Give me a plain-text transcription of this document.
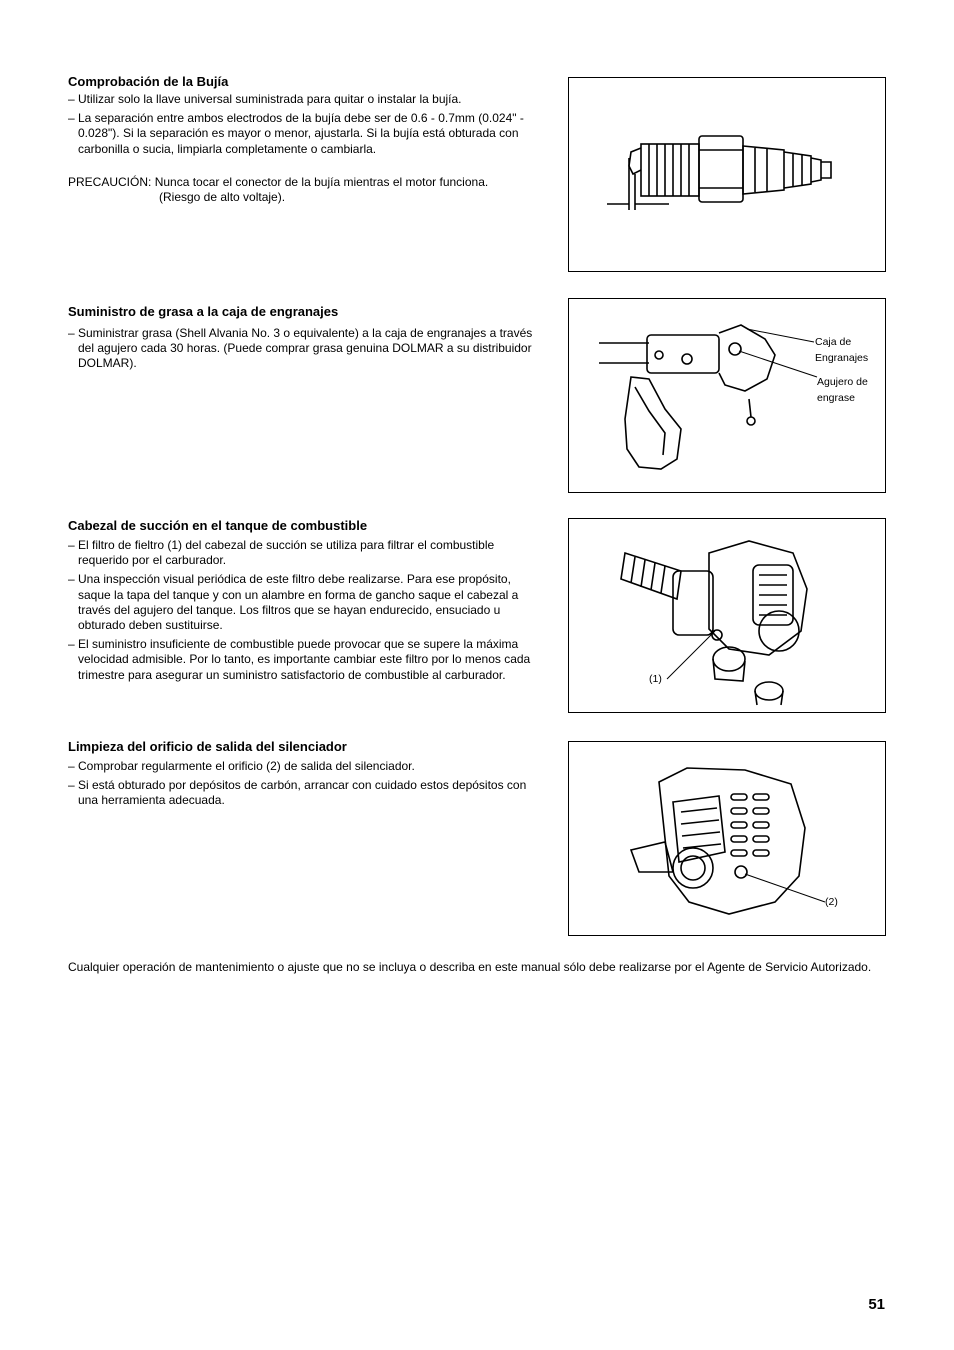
Comprobación de la Bujía
– Utilizar solo la llave universal suministrada para quitar o instalar la bujía.
– La separación entre ambos electrodos de la bujía debe ser de 0.6 - 0.7mm (0.024" - 0.028"). Si la separación es mayor o menor, ajustarla. Si la bujía está obturada con carbonilla o sucia, limpiarla completamente o cambiarla.
PRECAUCIÓN: Nunca tocar el conector de la bujía mientras el motor funciona.
(Riesgo de alto voltaje).
Suministro de grasa a la caja de engranajes
– Suministrar grasa (Shell Alvania No. 3 o equivalente) a la caja de engranajes a través del agujero cada 30 horas. (Puede comprar grasa genuina DOLMAR a su distribuidor DOLMAR).
Cabezal de succión en el tanque de combustible
– El filtro de fieltro (1) del cabezal de succión se utiliza para filtrar el combustible requerido por el carburador.
– Una inspección visual periódica de este filtro debe realizarse. Para ese propósito, saque la tapa del tanque y con un alambre en forma de gancho saque el cabezal a través del agujero del tanque. Los filtros que se hayan endurecido, ensuciado u obturado deben sustituirse.
– El suministro insuficiente de combustible puede provocar que se supere la máxima velocidad admisible. Por lo tanto, es importante cambiar este filtro por lo menos cada trimestre para asegurar un suministro satisfactorio de combustible al carburador.
Limpieza del orificio de salida del silenciador
– Comprobar regularmente el orificio (2) de salida del silenciador.
– Si está obturado por depósitos de carbón, arrancar con cuidado estos depósitos con una herramienta adecuada.
Caja de
Engranajes
Agujero de
engrase
(1)
(2)
Cualquier operación de mantenimiento o ajuste que no se incluya o describa en este manual sólo debe realizarse por el Agente de Servicio Autorizado.
51
